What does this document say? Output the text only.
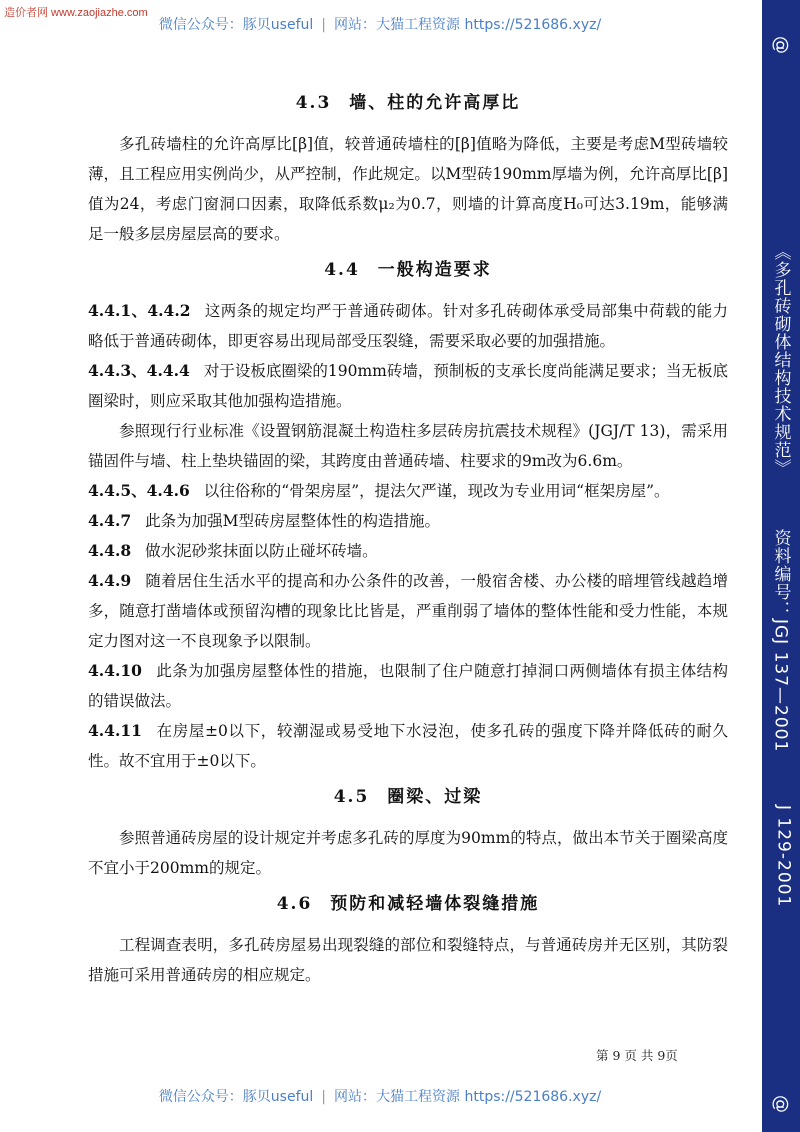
造价者网 www.zaojiazhe.com
微信公众号：豚贝useful | 网站：大猫工程资源 https://521686.xyz/
@
《多孔砖砌体结构技术规范》
资料编号：JGJ 137—2001
J 129-2001
@
4.3 墙、柱的允许高厚比

多孔砖墙柱的允许高厚比[β]值，较普通砖墙柱的[β]值略为降低，主要是考虑M型砖墙较薄，且工程应用实例尚少，从严控制，作此规定。以M型砖190mm厚墙为例，允许高厚比[β]值为24，考虑门窗洞口因素，取降低系数μ₂为0.7，则墙的计算高度H₀可达3.19m，能够满足一般多层房屋层高的要求。

4.4 一般构造要求

4.4.1、4.4.2 这两条的规定均严于普通砖砌体。针对多孔砖砌体承受局部集中荷载的能力略低于普通砖砌体，即更容易出现局部受压裂缝，需要采取必要的加强措施。

4.4.3、4.4.4 对于设板底圈梁的190mm砖墙，预制板的支承长度尚能满足要求；当无板底圈梁时，则应采取其他加强构造措施。

参照现行行业标准《设置钢筋混凝土构造柱多层砖房抗震技术规程》(JGJ/T 13)，需采用锚固件与墙、柱上垫块锚固的梁，其跨度由普通砖墙、柱要求的9m改为6.6m。

4.4.5、4.4.6 以往俗称的“骨架房屋”，提法欠严谨，现改为专业用词“框架房屋”。

4.4.7 此条为加强M型砖房屋整体性的构造措施。

4.4.8 做水泥砂浆抹面以防止碰坏砖墙。

4.4.9 随着居住生活水平的提高和办公条件的改善，一般宿舍楼、办公楼的暗埋管线越趋增多，随意打凿墙体或预留沟槽的现象比比皆是，严重削弱了墙体的整体性能和受力性能，本规定力图对这一不良现象予以限制。

4.4.10 此条为加强房屋整体性的措施，也限制了住户随意打掉洞口两侧墙体有损主体结构的错误做法。

4.4.11 在房屋±0以下，较潮湿或易受地下水浸泡，使多孔砖的强度下降并降低砖的耐久性。故不宜用于±0以下。

4.5 圈梁、过梁

参照普通砖房屋的设计规定并考虑多孔砖的厚度为90mm的特点，做出本节关于圈梁高度不宜小于200mm的规定。

4.6 预防和减轻墙体裂缝措施

工程调查表明，多孔砖房屋易出现裂缝的部位和裂缝特点，与普通砖房并无区别，其防裂措施可采用普通砖房的相应规定。

第 9 页 共 9页
微信公众号：豚贝useful | 网站：大猫工程资源 https://521686.xyz/
